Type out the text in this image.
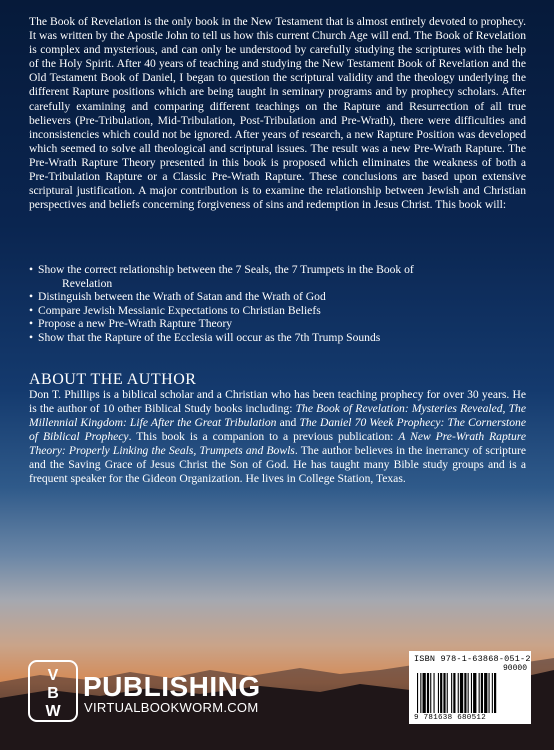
The Book of Revelation is the only book in the New Testament that is almost entirely devoted to prophecy. It was written by the Apostle John to tell us how this current Church Age will end. The Book of Revelation is complex and mysterious, and can only be understood by carefully studying the scriptures with the help of the Holy Spirit. After 40 years of teaching and studying the New Testament Book of Revelation and the Old Testament Book of Daniel, I began to question the scriptural validity and the theology underlying the different Rapture positions which are being taught in seminary programs and by prophecy scholars. After carefully examining and comparing different teachings on the Rapture and Resurrection of all true believers (Pre-Tribulation, Mid-Tribulation, Post-Tribulation and Pre-Wrath), there were difficulties and inconsistencies which could not be ignored. After years of research, a new Rapture Position was developed which seemed to solve all theological and scriptural issues. The result was a new Pre-Wrath Rapture. The Pre-Wrath Rapture Theory presented in this book is proposed which eliminates the weakness of both a Pre-Tribulation Rapture or a Classic Pre-Wrath Rapture. These conclusions are based upon extensive scriptural justification. A major contribution is to examine the relationship between Jewish and Christian perspectives and beliefs concerning forgiveness of sins and redemption in Jesus Christ. This book will:

• Show the correct relationship between the 7 Seals, the 7 Trumpets in the Book of
Revelation
• Distinguish between the Wrath of Satan and the Wrath of God
• Compare Jewish Messianic Expectations to Christian Beliefs
• Propose a new Pre-Wrath Rapture Theory
• Show that the Rapture of the Ecclesia will occur as the 7th Trump Sounds
ABOUT THE AUTHOR

Don T. Phillips is a biblical scholar and a Christian who has been teaching prophecy for over 30 years. He is the author of 10 other Biblical Study books including: The Book of Revelation: Mysteries Revealed, The Millennial Kingdom: Life After the Great Tribulation and The Daniel 70 Week Prophecy: The Cornerstone of Biblical Prophecy. This book is a companion to a previous publication: A New Pre-Wrath Rapture Theory: Properly Linking the Seals, Trumpets and Bowls. The author believes in the inerrancy of scripture and the Saving Grace of Jesus Christ the Son of God. He has taught many Bible study groups and is a frequent speaker for the Gideon Organization. He lives in College Station, Texas.

V
B
W
PUBLISHING
VIRTUALBOOKWORM.COM
ISBN 978-1-63868-051-2
90000
9 781638 680512
